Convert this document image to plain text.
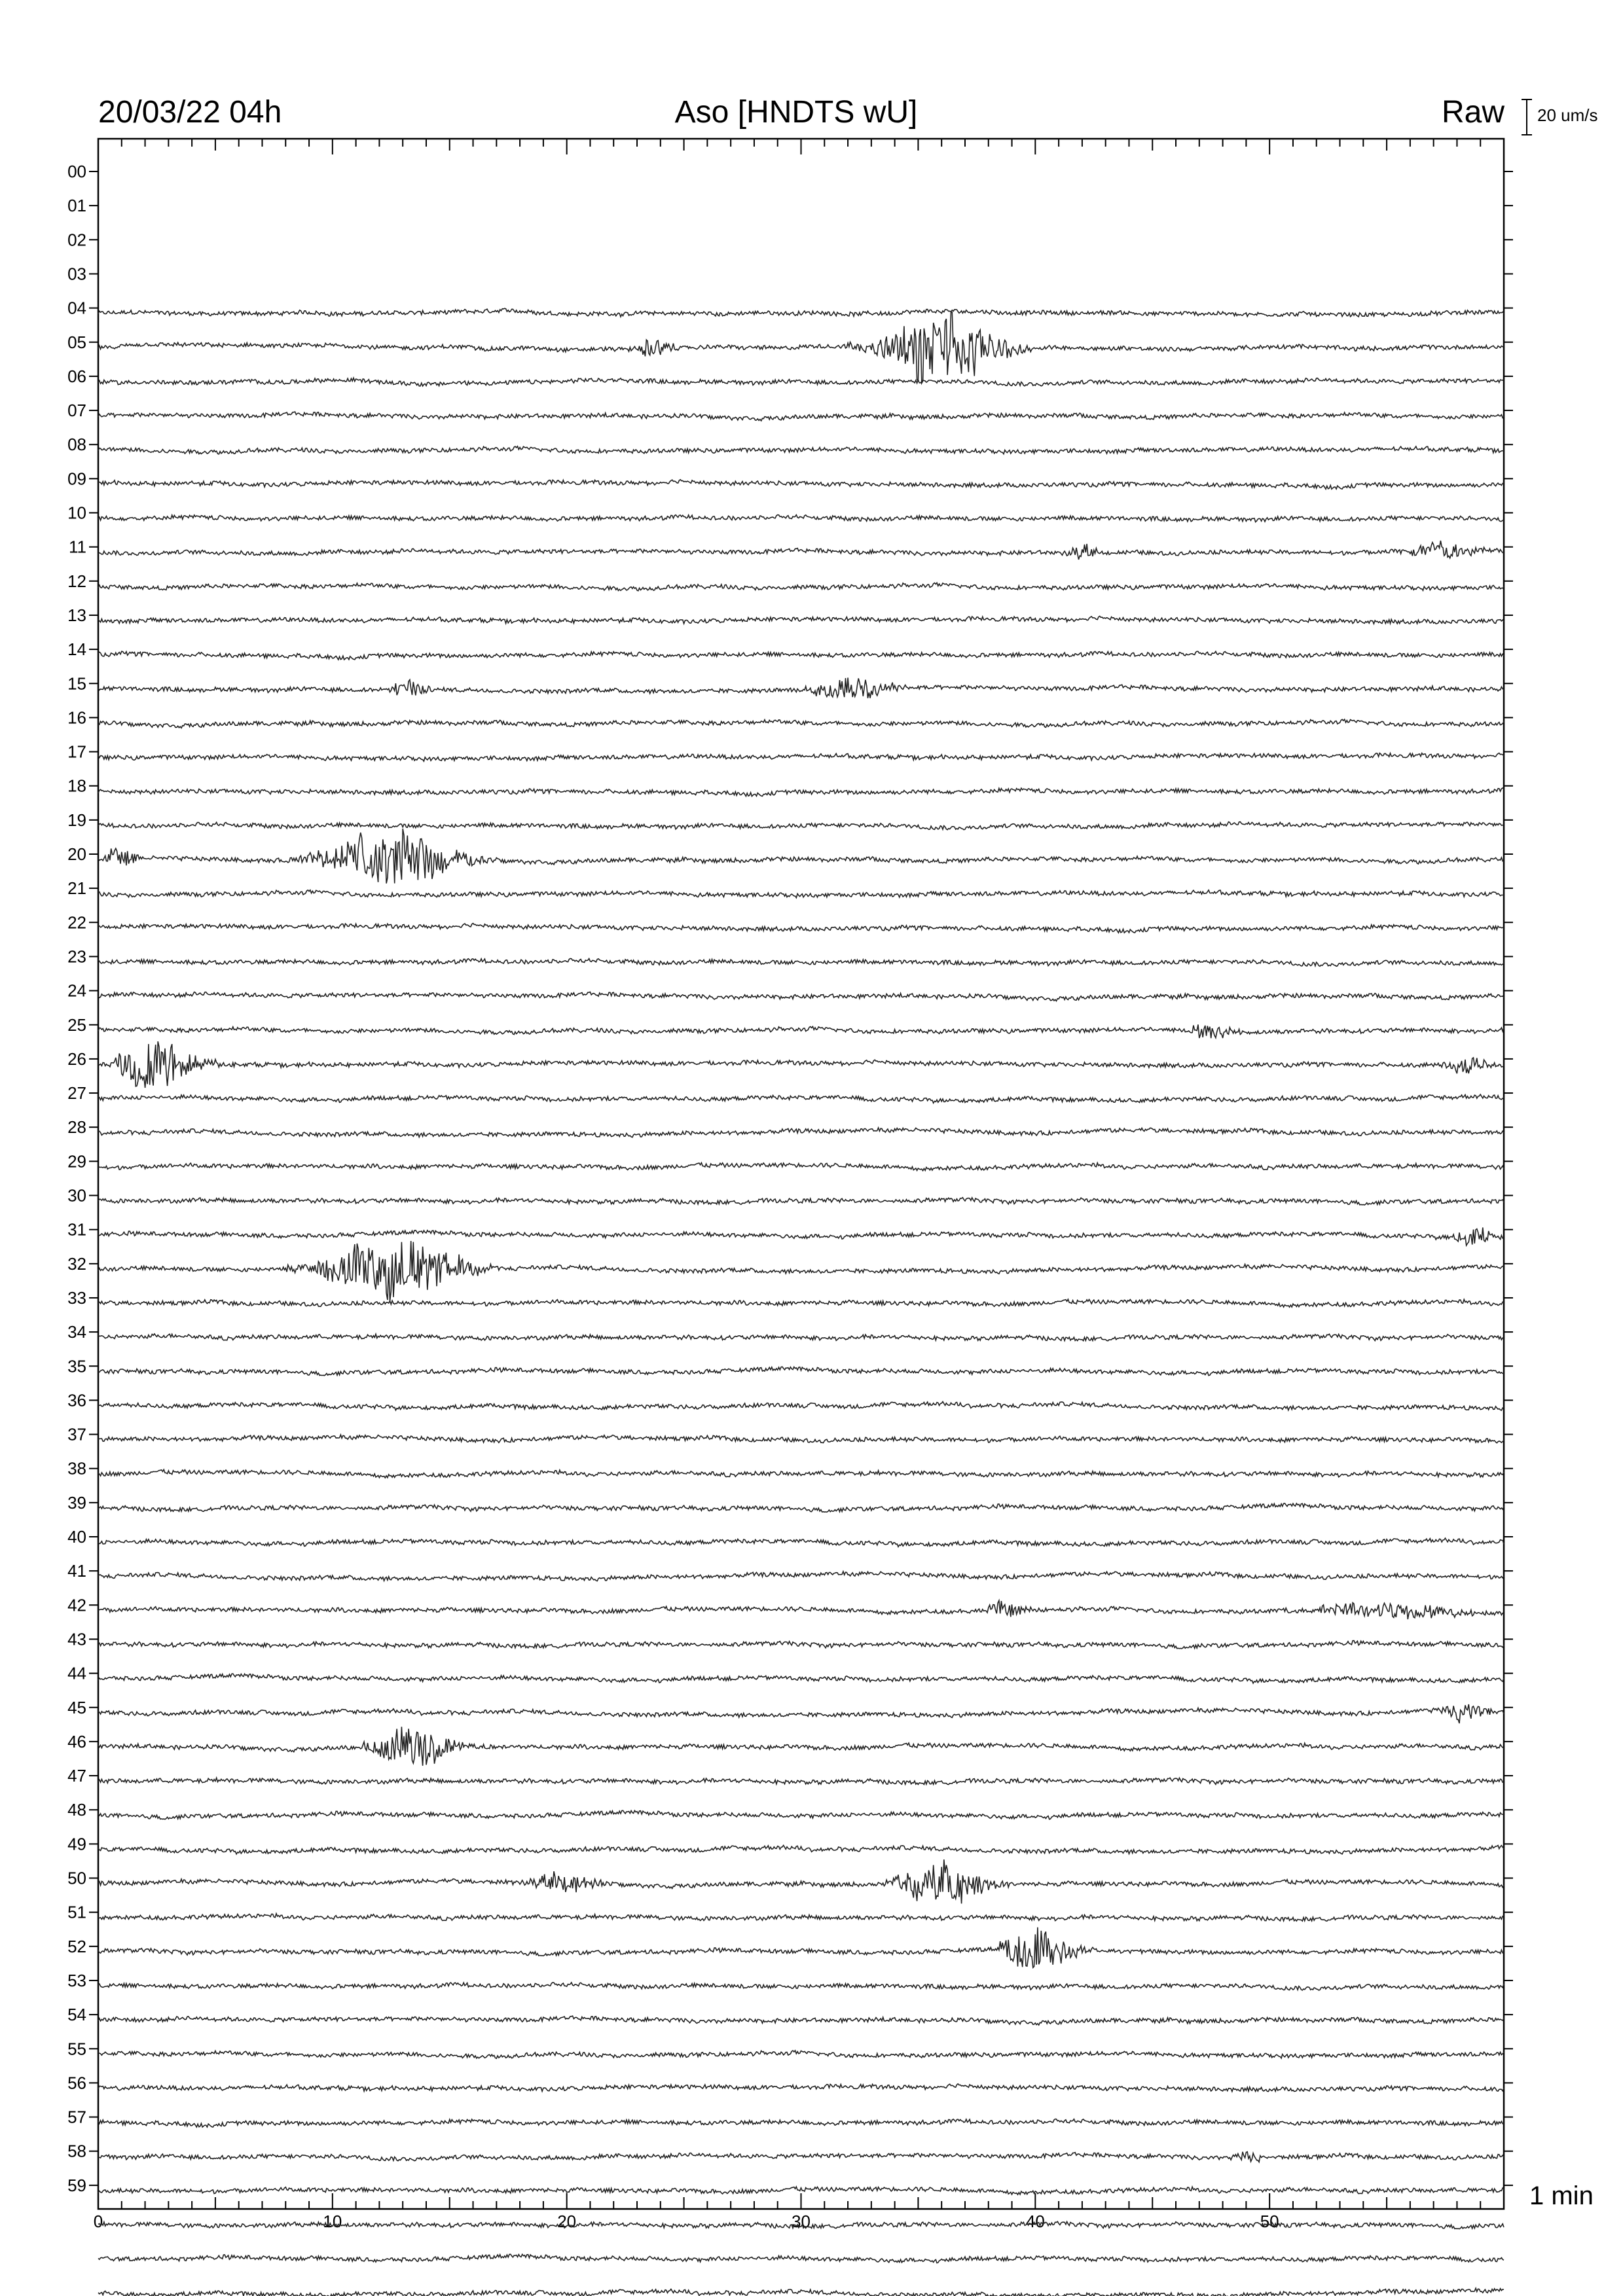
0	10	20	30	40	50
00
01
02
03
04
05
06
07
08
09
10
11
12
13
14
15
16
17
18
19
20
21
22
23
24
25
26
27
28
29
30
31
32
33
34
35
36
37
38
39
40
41
42
43
44
45
46
47
48
49
50
51
52
53
54
55
56
57
58
59
20/03/22 04h	Aso [HNDTS wU]	Raw 20 um/s
1 min
